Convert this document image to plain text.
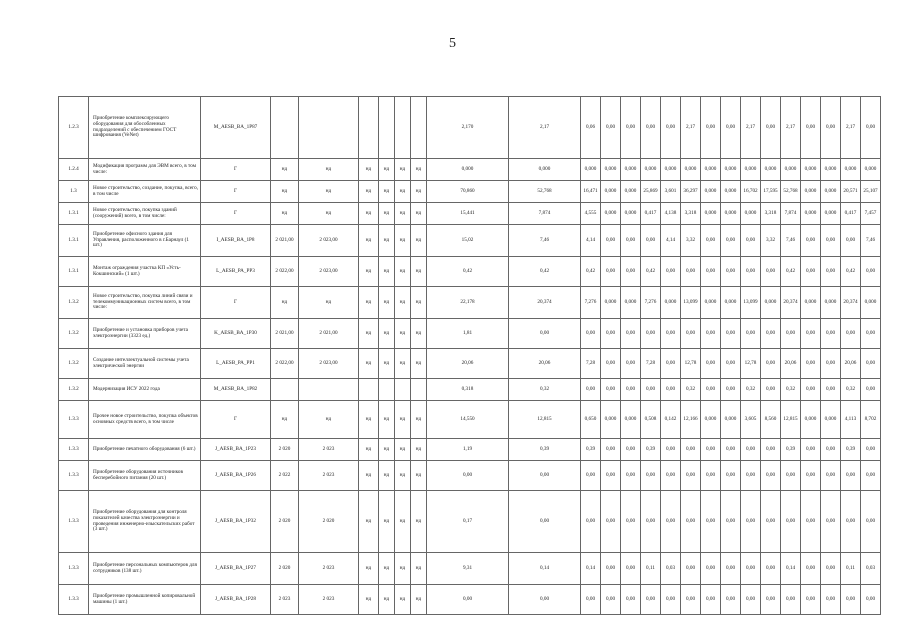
5
1.2.3	Приобретение комплексирующего оборудования для обособленных подразделений с обеспечением ГОСТ шифрования (VeNet)	M_AESB_BA_1P87							2,170	2,17	0,06	0,00	0,00	0,00	0,00	2,17	0,00	0,00	2,17	0,00	2,17	0,00	0,00	2,17	0,00
1.2.4	Модификация программ для ЭВМ всего, в том числе:	Г	нд	нд	нд	нд	нд	нд	0,000	0,000	0,000	0,000	0,000	0,000	0,000	0,000	0,000	0,000	0,000	0,000	0,000	0,000	0,000	0,000	0,000
1.3	Новое строительство, создание, покупка, всего, в том числе	Г	нд	нд	нд	нд	нд	нд	70,860	52,768	16,471	0,000	0,000	25,869	3,601	36,297	0,000	0,000	16,702	17,595	52,768	0,000	0,000	20,571	25,107
1.3.1	Новое строительство, покупка зданий (сооружений) всего, в том числе:	Г	нд	нд	нд	нд	нд	нд	15,441	7,874	4,555	0,000	0,000	0,417	4,138	3,318	0,000	0,000	0,000	3,318	7,874	0,000	0,000	0,417	7,457
1.3.1	Приобретение офисного здания для Управления, расположенного в г.Барнаул (1 шт.)	I_AESB_BA_1P8	2 021,00	2 023,00	нд	нд	нд	нд	15,02	7,46	4,14	0,00	0,00	0,00	4,14	3,32	0,00	0,00	0,00	3,32	7,46	0,00	0,00	0,00	7,46
1.3.1	Монтаж ограждения участка КП «Усть-Кокшинский» (1 шт.)	L_AESB_PA_PP3	2 022,00	2 023,00	нд	нд	нд	нд	0,42	0,42	0,42	0,00	0,00	0,42	0,00	0,00	0,00	0,00	0,00	0,00	0,42	0,00	0,00	0,42	0,00
1.3.2	Новое строительство, покупка линий связи и телекоммуникационных систем всего, в том числе:	Г	нд	нд	нд	нд	нд	нд	22,178	20,374	7,276	0,000	0,000	7,276	0,000	13,099	0,000	0,000	13,099	0,000	20,374	0,000	0,000	20,374	0,000
1.3.2	Приобретение и установка приборов учета электроэнергии (3323 ед.)	K_AESB_BA_1P30	2 021,00	2 021,00	нд	нд	нд	нд	1,81	0,00	0,00	0,00	0,00	0,00	0,00	0,00	0,00	0,00	0,00	0,00	0,00	0,00	0,00	0,00	0,00
1.3.2	Создание интеллектуальной системы учета электрической энергии	L_AESB_PA_PP1	2 022,00	2 023,00	нд	нд	нд	нд	20,06	20,06	7,28	0,00	0,00	7,28	0,00	12,78	0,00	0,00	12,78	0,00	20,06	0,00	0,00	20,06	0,00
1.3.2	Модернизация ИСУ 2022 года	M_AESB_BA_1P82							0,318	0,32	0,00	0,00	0,00	0,00	0,00	0,32	0,00	0,00	0,32	0,00	0,32	0,00	0,00	0,32	0,00
1.3.3	Прочее новое строительство, покупка объектов основных средств всего, в том числе	Г	нд	нд	нд	нд	нд	нд	14,550	12,815	0,650	0,000	0,000	0,508	0,142	12,166	0,000	0,000	3,605	8,560	12,815	0,000	0,000	4,113	8,702
1.3.3	Приобретение печатного оборудования (6 шт.)	J_AESB_BA_1P23	2 020	2 023	нд	нд	нд	нд	1,19	0,39	0,39	0,00	0,00	0,39	0,00	0,00	0,00	0,00	0,00	0,00	0,39	0,00	0,00	0,39	0,00
1.3.3	Приобретение оборудования источников бесперебойного питания (20 шт.)	J_AESB_BA_1P26	2 022	2 023	нд	нд	нд	нд	0,00	0,00	0,00	0,00	0,00	0,00	0,00	0,00	0,00	0,00	0,00	0,00	0,00	0,00	0,00	0,00	0,00
1.3.3	Приобретение оборудования для контроля показателей качества электроэнергии и проведения инженерно-изыскательских работ (3 шт.)	J_AESB_BA_1P32	2 020	2 020	нд	нд	нд	нд	0,17	0,00	0,00	0,00	0,00	0,00	0,00	0,00	0,00	0,00	0,00	0,00	0,00	0,00	0,00	0,00	0,00
1.3.3	Приобретение персональных компьютеров для сотрудников (138 шт.)	J_AESB_BA_1P27	2 020	2 023	нд	нд	нд	нд	9,31	0,14	0,14	0,00	0,00	0,11	0,03	0,00	0,00	0,00	0,00	0,00	0,14	0,00	0,00	0,11	0,03
1.3.3	Приобретение промышленной копировальной машины (1 шт.)	J_AESB_BA_1P28	2 023	2 023	нд	нд	нд	нд	0,00	0,00	0,00	0,00	0,00	0,00	0,00	0,00	0,00	0,00	0,00	0,00	0,00	0,00	0,00	0,00	0,00
